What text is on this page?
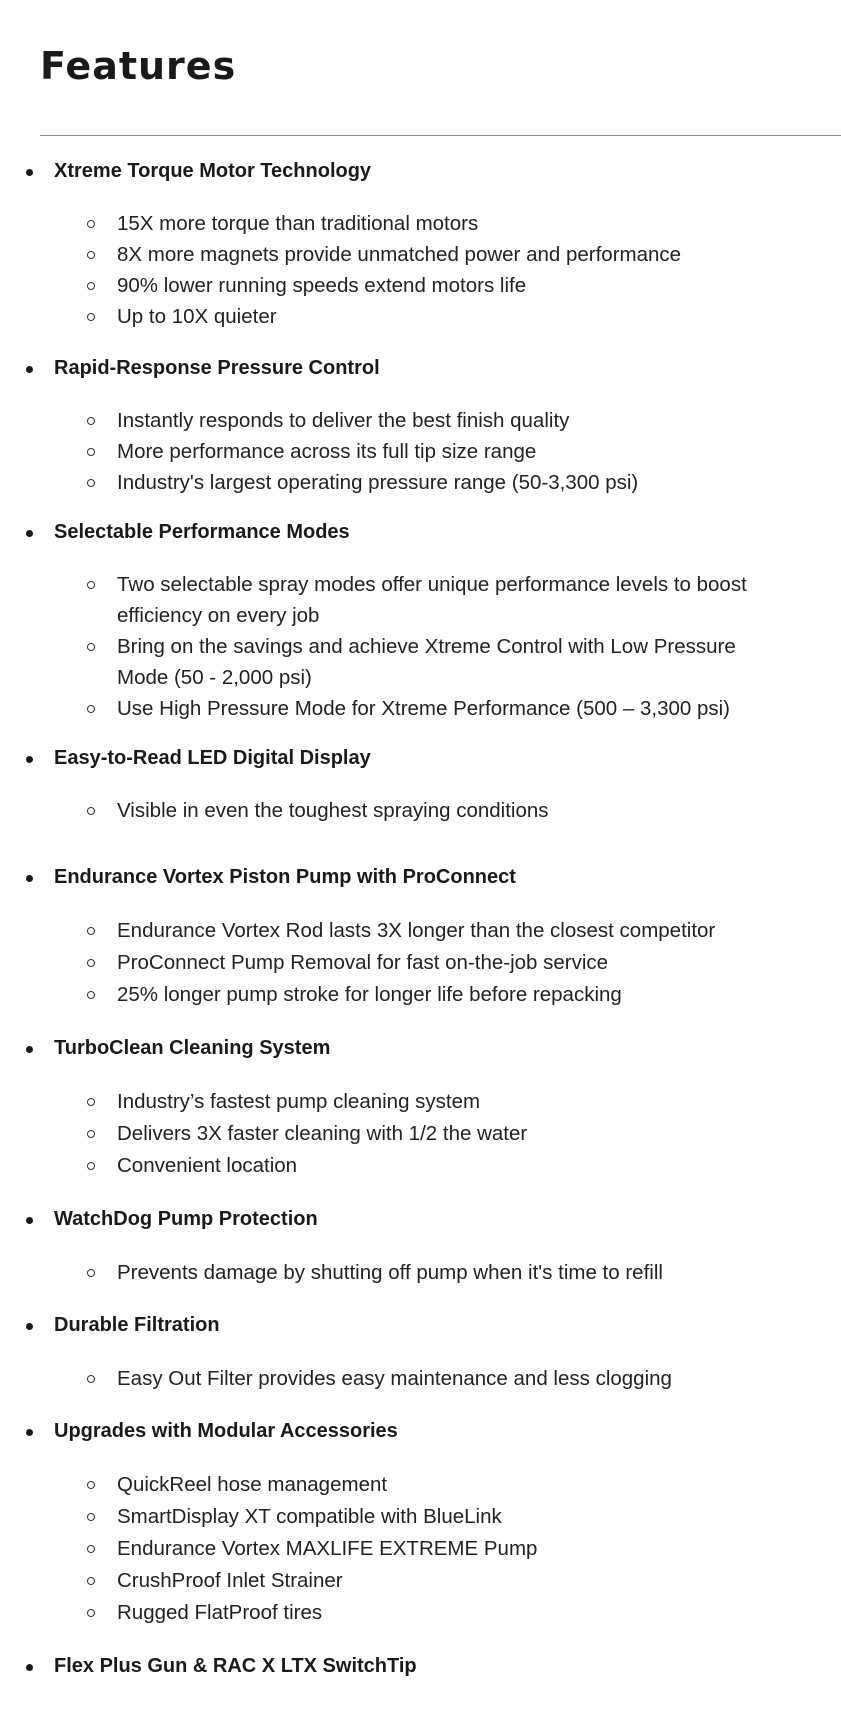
Features
Xtreme Torque Motor Technology
15X more torque than traditional motors
8X more magnets provide unmatched power and performance
90% lower running speeds extend motors life
Up to 10X quieter
Rapid-Response Pressure Control
Instantly responds to deliver the best finish quality
More performance across its full tip size range
Industry's largest operating pressure range (50-3,300 psi)
Selectable Performance Modes
Two selectable spray modes offer unique performance levels to boost efficiency on every job
Bring on the savings and achieve Xtreme Control with Low Pressure Mode (50 - 2,000 psi)
Use High Pressure Mode for Xtreme Performance (500 – 3,300 psi)
Easy-to-Read LED Digital Display
Visible in even the toughest spraying conditions
Endurance Vortex Piston Pump with ProConnect
Endurance Vortex Rod lasts 3X longer than the closest competitor
ProConnect Pump Removal for fast on-the-job service
25% longer pump stroke for longer life before repacking
TurboClean Cleaning System
Industry’s fastest pump cleaning system
Delivers 3X faster cleaning with 1/2 the water
Convenient location
WatchDog Pump Protection
Prevents damage by shutting off pump when it's time to refill
Durable Filtration
Easy Out Filter provides easy maintenance and less clogging
Upgrades with Modular Accessories
QuickReel hose management
SmartDisplay XT compatible with BlueLink
Endurance Vortex MAXLIFE EXTREME Pump
CrushProof Inlet Strainer
Rugged FlatProof tires
Flex Plus Gun & RAC X LTX SwitchTip
